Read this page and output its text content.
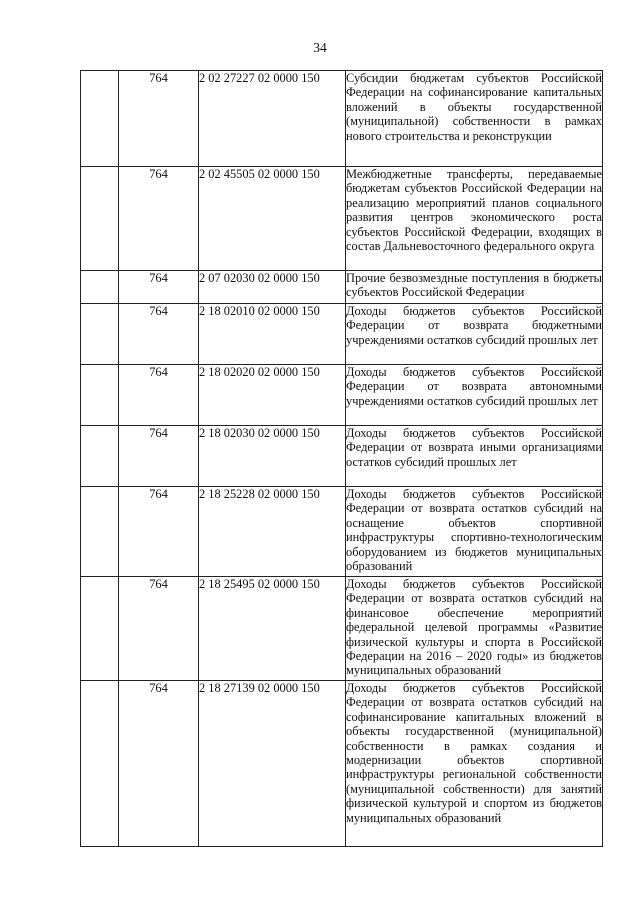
34
	764	2 02 27227 02 0000 150	Субсидии бюджетам субъектов Российской Федерации на софинансирование капитальных вложений в объекты государственной (муниципальной) собственности в рамках нового строительства и реконструкции
	764	2 02 45505 02 0000 150	Межбюджетные трансферты, передаваемые бюджетам субъектов Российской Федерации на реализацию мероприятий планов социального развития центров экономического роста субъектов Российской Федерации, входящих в состав Дальневосточного федерального округа
	764	2 07 02030 02 0000 150	Прочие безвозмездные поступления в бюджеты субъектов Российской Федерации
	764	2 18 02010 02 0000 150	Доходы бюджетов субъектов Российской Федерации от возврата бюджетными учреждениями остатков субсидий прошлых лет
	764	2 18 02020 02 0000 150	Доходы бюджетов субъектов Российской Федерации от возврата автономными учреждениями остатков субсидий прошлых лет
	764	2 18 02030 02 0000 150	Доходы бюджетов субъектов Российской Федерации от возврата иными организациями остатков субсидий прошлых лет
	764	2 18 25228 02 0000 150	Доходы бюджетов субъектов Российской Федерации от возврата остатков субсидий на оснащение объектов спортивной инфраструктуры спортивно-технологическим оборудованием из бюджетов муниципальных образований
	764	2 18 25495 02 0000 150	Доходы бюджетов субъектов Российской Федерации от возврата остатков субсидий на финансовое обеспечение мероприятий федеральной целевой программы «Развитие физической культуры и спорта в Российской Федерации на 2016 – 2020 годы» из бюджетов муниципальных образований
	764	2 18 27139 02 0000 150	Доходы бюджетов субъектов Российской Федерации от возврата остатков субсидий на софинансирование капитальных вложений в объекты государственной (муниципальной) собственности в рамках создания и модернизации объектов спортивной инфраструктуры региональной собственности (муниципальной собственности) для занятий физической культурой и спортом из бюджетов муниципальных образований
